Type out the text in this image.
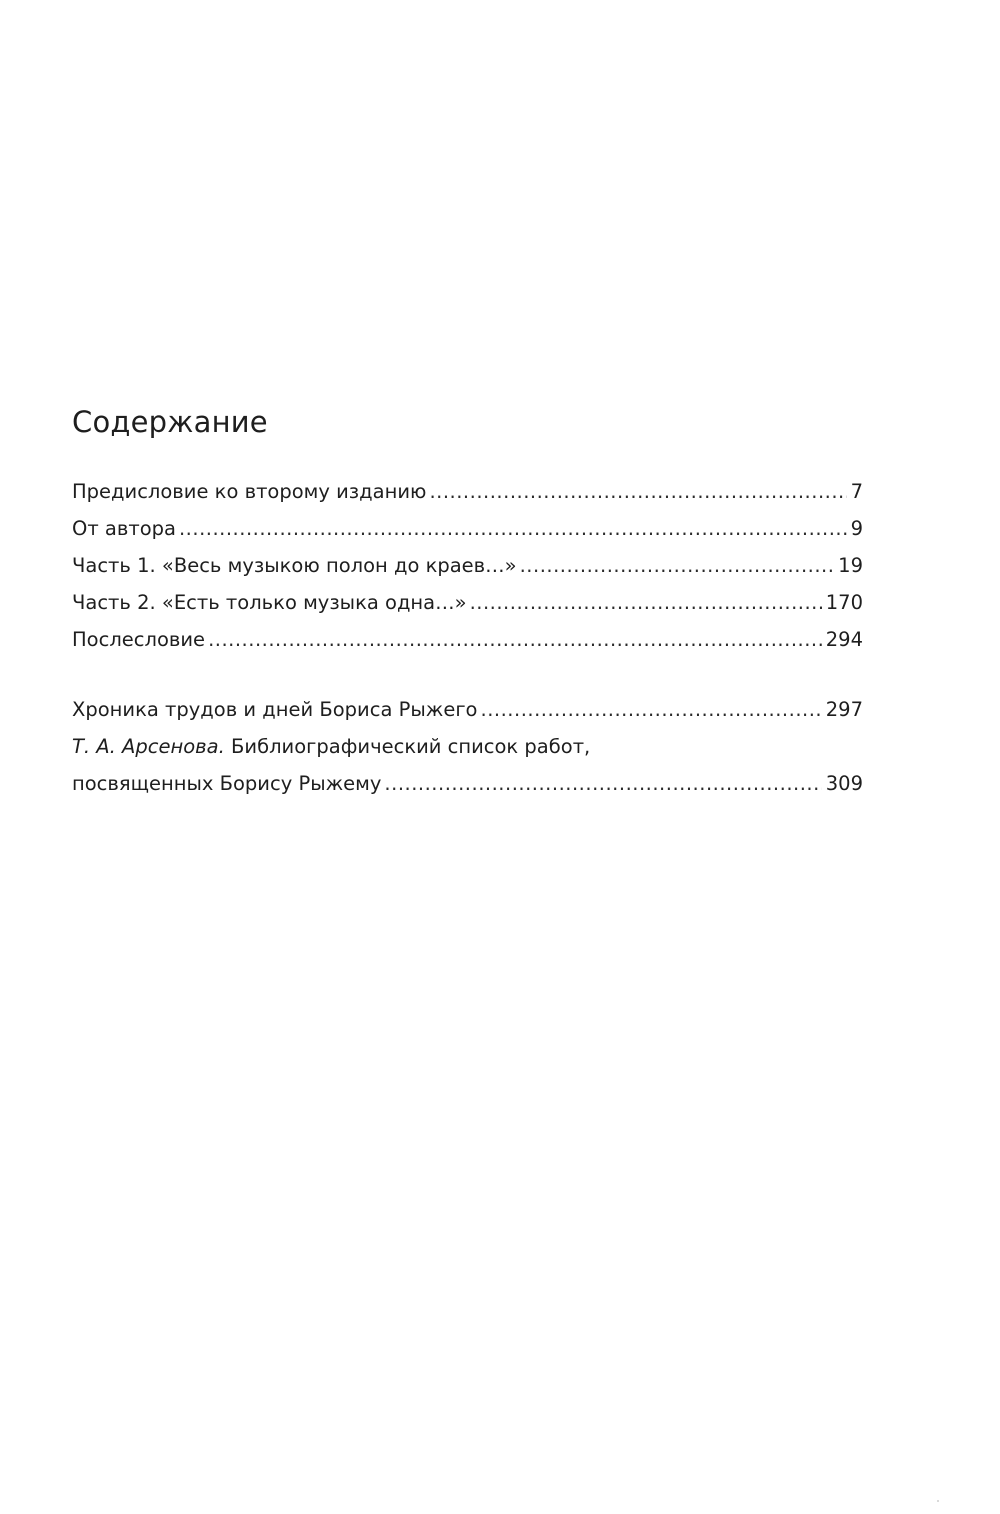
Содержание
Предисловие ко второму изданию .....	7
От автора .....	9
Часть 1. «Весь музыкою полон до краев…» .....	19
Часть 2. «Есть только музыка одна…» .....	170
Послесловие .....	294
Хроника трудов и дней Бориса Рыжего .....	297
Т. А. Арсенова. Библиографический список работ,
посвященных Борису Рыжему .....	309
